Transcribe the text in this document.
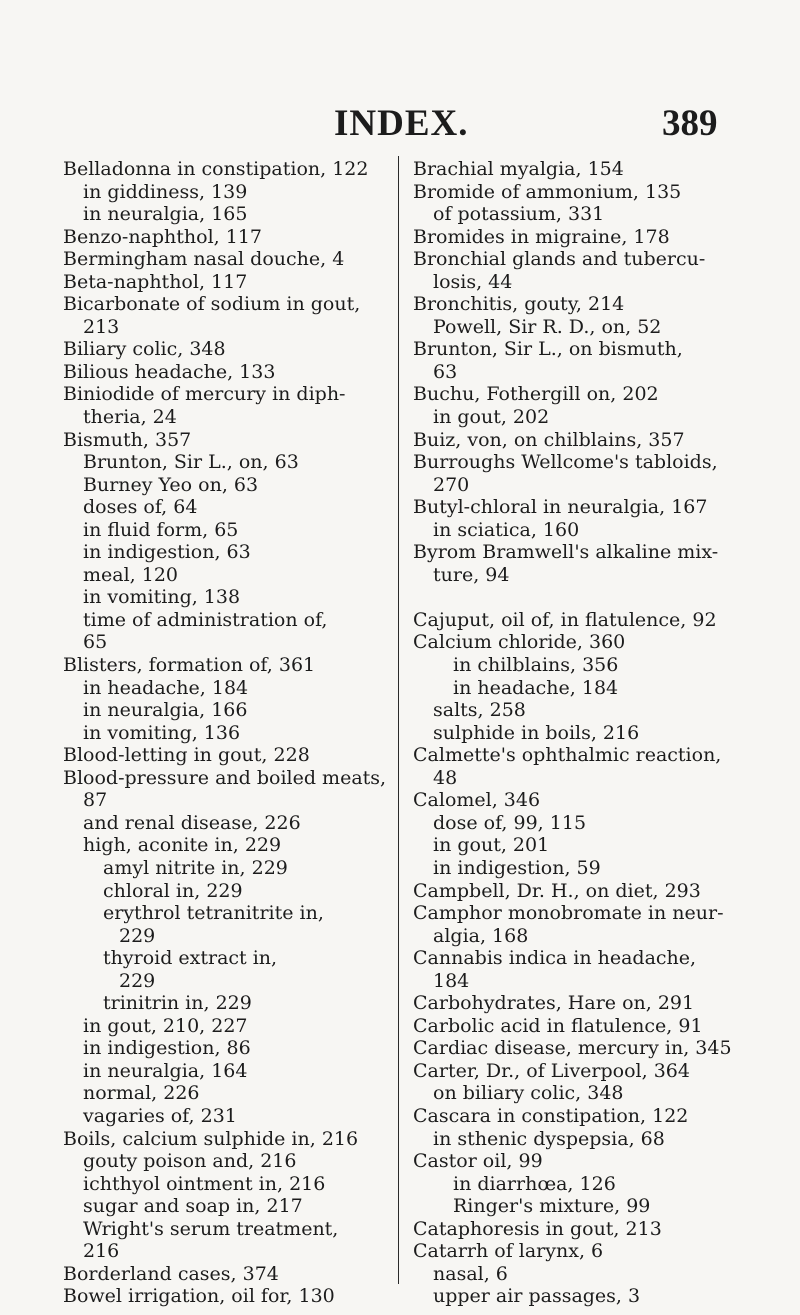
INDEX.	389
Belladonna in constipation, 122
in giddiness, 139
in neuralgia, 165
Benzo-naphthol, 117
Bermingham nasal douche, 4
Beta-naphthol, 117
Bicarbonate of sodium in gout,
213
Biliary colic, 348
Bilious headache, 133
Biniodide of mercury in diph-
theria, 24
Bismuth, 357
Brunton, Sir L., on, 63
Burney Yeo on, 63
doses of, 64
in fluid form, 65
in indigestion, 63
meal, 120
in vomiting, 138
time of administration of,
65
Blisters, formation of, 361
in headache, 184
in neuralgia, 166
in vomiting, 136
Blood-letting in gout, 228
Blood-pressure and boiled meats,
87
and renal disease, 226
high, aconite in, 229
amyl nitrite in, 229
chloral in, 229
erythrol tetranitrite in,
229
thyroid extract in,
229
trinitrin in, 229
in gout, 210, 227
in indigestion, 86
in neuralgia, 164
normal, 226
vagaries of, 231
Boils, calcium sulphide in, 216
gouty poison and, 216
ichthyol ointment in, 216
sugar and soap in, 217
Wright's serum treatment,
216
Borderland cases, 374
Bowel irrigation, oil for, 130
Brachial myalgia, 154
Bromide of ammonium, 135
of potassium, 331
Bromides in migraine, 178
Bronchial glands and tubercu-
losis, 44
Bronchitis, gouty, 214
Powell, Sir R. D., on, 52
Brunton, Sir L., on bismuth,
63
Buchu, Fothergill on, 202
in gout, 202
Buiz, von, on chilblains, 357
Burroughs Wellcome's tabloids,
270
Butyl-chloral in neuralgia, 167
in sciatica, 160
Byrom Bramwell's alkaline mix-
ture, 94
Cajuput, oil of, in flatulence, 92
Calcium chloride, 360
in chilblains, 356
in headache, 184
salts, 258
sulphide in boils, 216
Calmette's ophthalmic reaction,
48
Calomel, 346
dose of, 99, 115
in gout, 201
in indigestion, 59
Campbell, Dr. H., on diet, 293
Camphor monobromate in neur-
algia, 168
Cannabis indica in headache,
184
Carbohydrates, Hare on, 291
Carbolic acid in flatulence, 91
Cardiac disease, mercury in, 345
Carter, Dr., of Liverpool, 364
on biliary colic, 348
Cascara in constipation, 122
in sthenic dyspepsia, 68
Castor oil, 99
in diarrhœa, 126
Ringer's mixture, 99
Cataphoresis in gout, 213
Catarrh of larynx, 6
nasal, 6
upper air passages, 3
